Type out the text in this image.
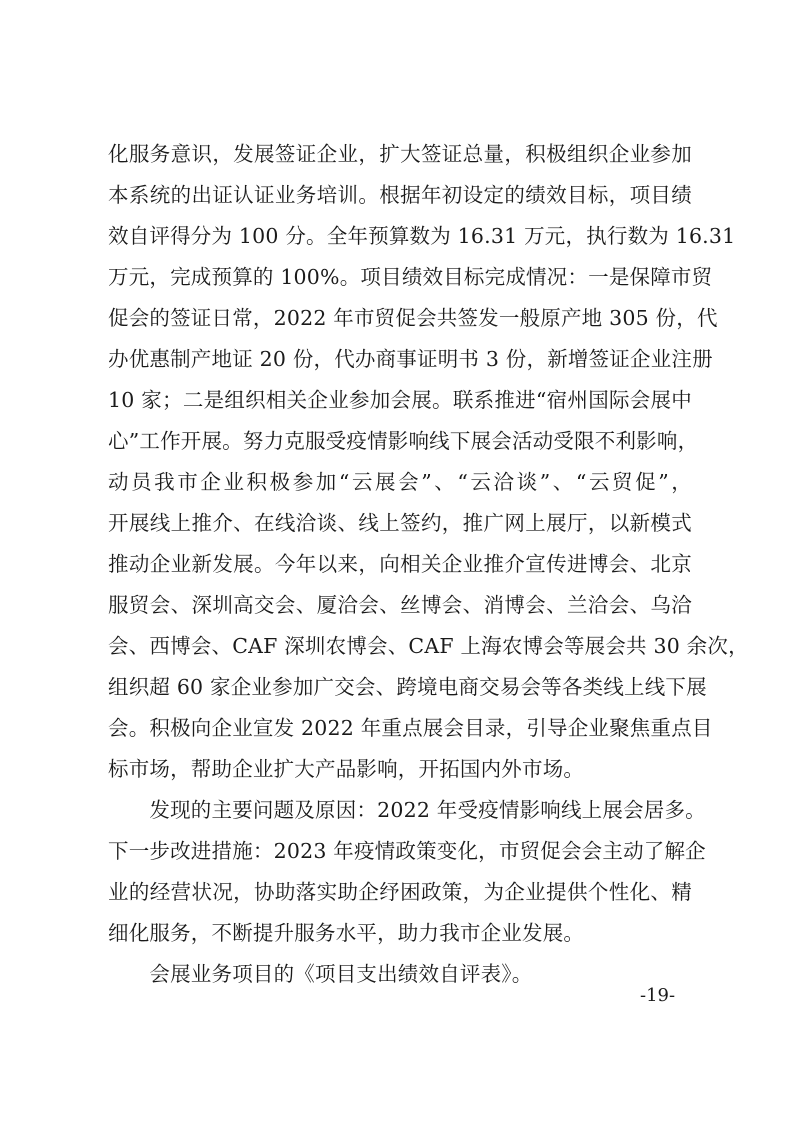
化服务意识，发展签证企业，扩大签证总量，积极组织企业参加
本系统的出证认证业务培训。根据年初设定的绩效目标，项目绩
效自评得分为 100 分。全年预算数为 16.31 万元，执行数为 16.31
万元，完成预算的 100%。项目绩效目标完成情况：一是保障市贸
促会的签证日常，2022 年市贸促会共签发一般原产地 305 份，代
办优惠制产地证 20 份，代办商事证明书 3 份，新增签证企业注册
10 家；二是组织相关企业参加会展。联系推进“宿州国际会展中
心”工作开展。努力克服受疫情影响线下展会活动受限不利影响，
动员我市企业积极参加“云展会”、“云洽谈”、“云贸促”，
开展线上推介、在线洽谈、线上签约，推广网上展厅，以新模式
推动企业新发展。今年以来，向相关企业推介宣传进博会、北京
服贸会、深圳高交会、厦洽会、丝博会、消博会、兰洽会、乌洽
会、西博会、CAF 深圳农博会、CAF 上海农博会等展会共 30 余次，
组织超 60 家企业参加广交会、跨境电商交易会等各类线上线下展
会。积极向企业宣发 2022 年重点展会目录，引导企业聚焦重点目
标市场，帮助企业扩大产品影响，开拓国内外市场。
　　发现的主要问题及原因：2022 年受疫情影响线上展会居多。
下一步改进措施：2023 年疫情政策变化，市贸促会会主动了解企
业的经营状况，协助落实助企纾困政策，为企业提供个性化、精
细化服务，不断提升服务水平，助力我市企业发展。
　　会展业务项目的《项目支出绩效自评表》。
-19-
